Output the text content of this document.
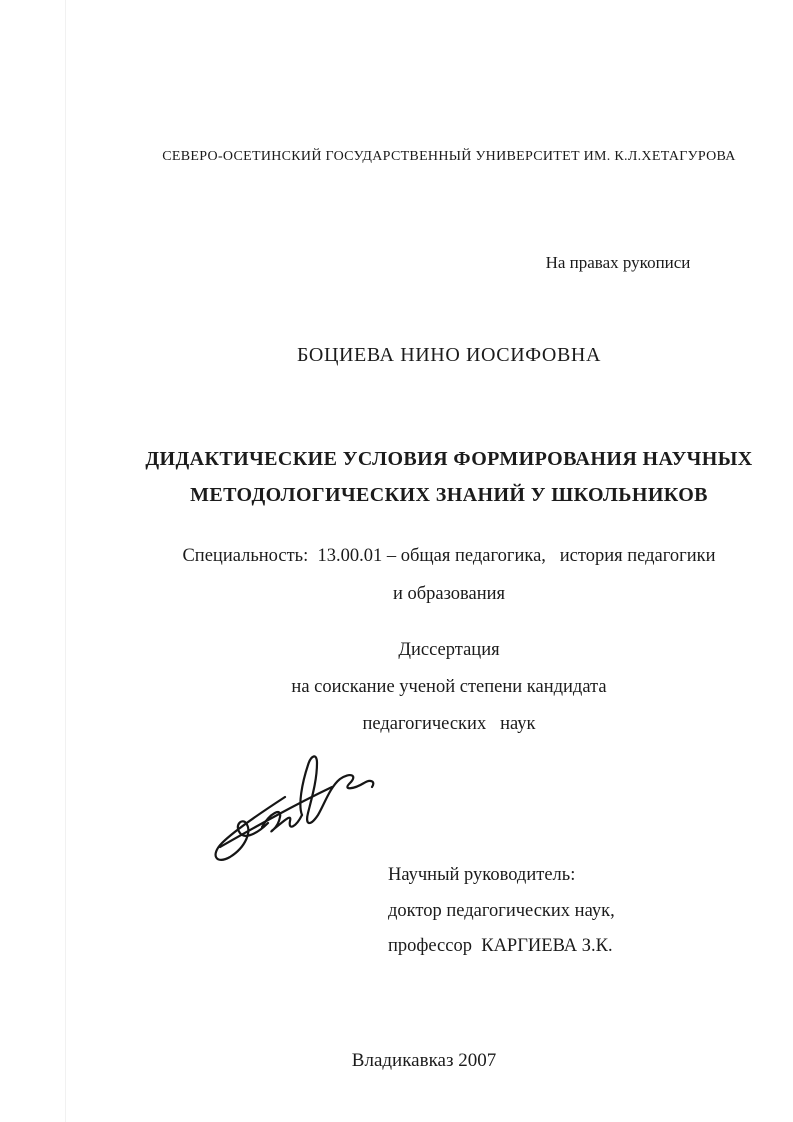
СЕВЕРО-ОСЕТИНСКИЙ ГОСУДАРСТВЕННЫЙ УНИВЕРСИТЕТ ИМ. К.Л.ХЕТАГУРОВА
На правах рукописи
БОЦИЕВА НИНО ИОСИФОВНА
ДИДАКТИЧЕСКИЕ УСЛОВИЯ ФОРМИРОВАНИЯ НАУЧНЫХ
МЕТОДОЛОГИЧЕСКИХ ЗНАНИЙ У ШКОЛЬНИКОВ
Специальность:  13.00.01 – общая педагогика,   история педагогики
и образования
Диссертация
на соискание ученой степени кандидата
педагогических   наук
Научный руководитель:
доктор педагогических наук,
профессор  КАРГИЕВА З.К.
Владикавказ 2007
